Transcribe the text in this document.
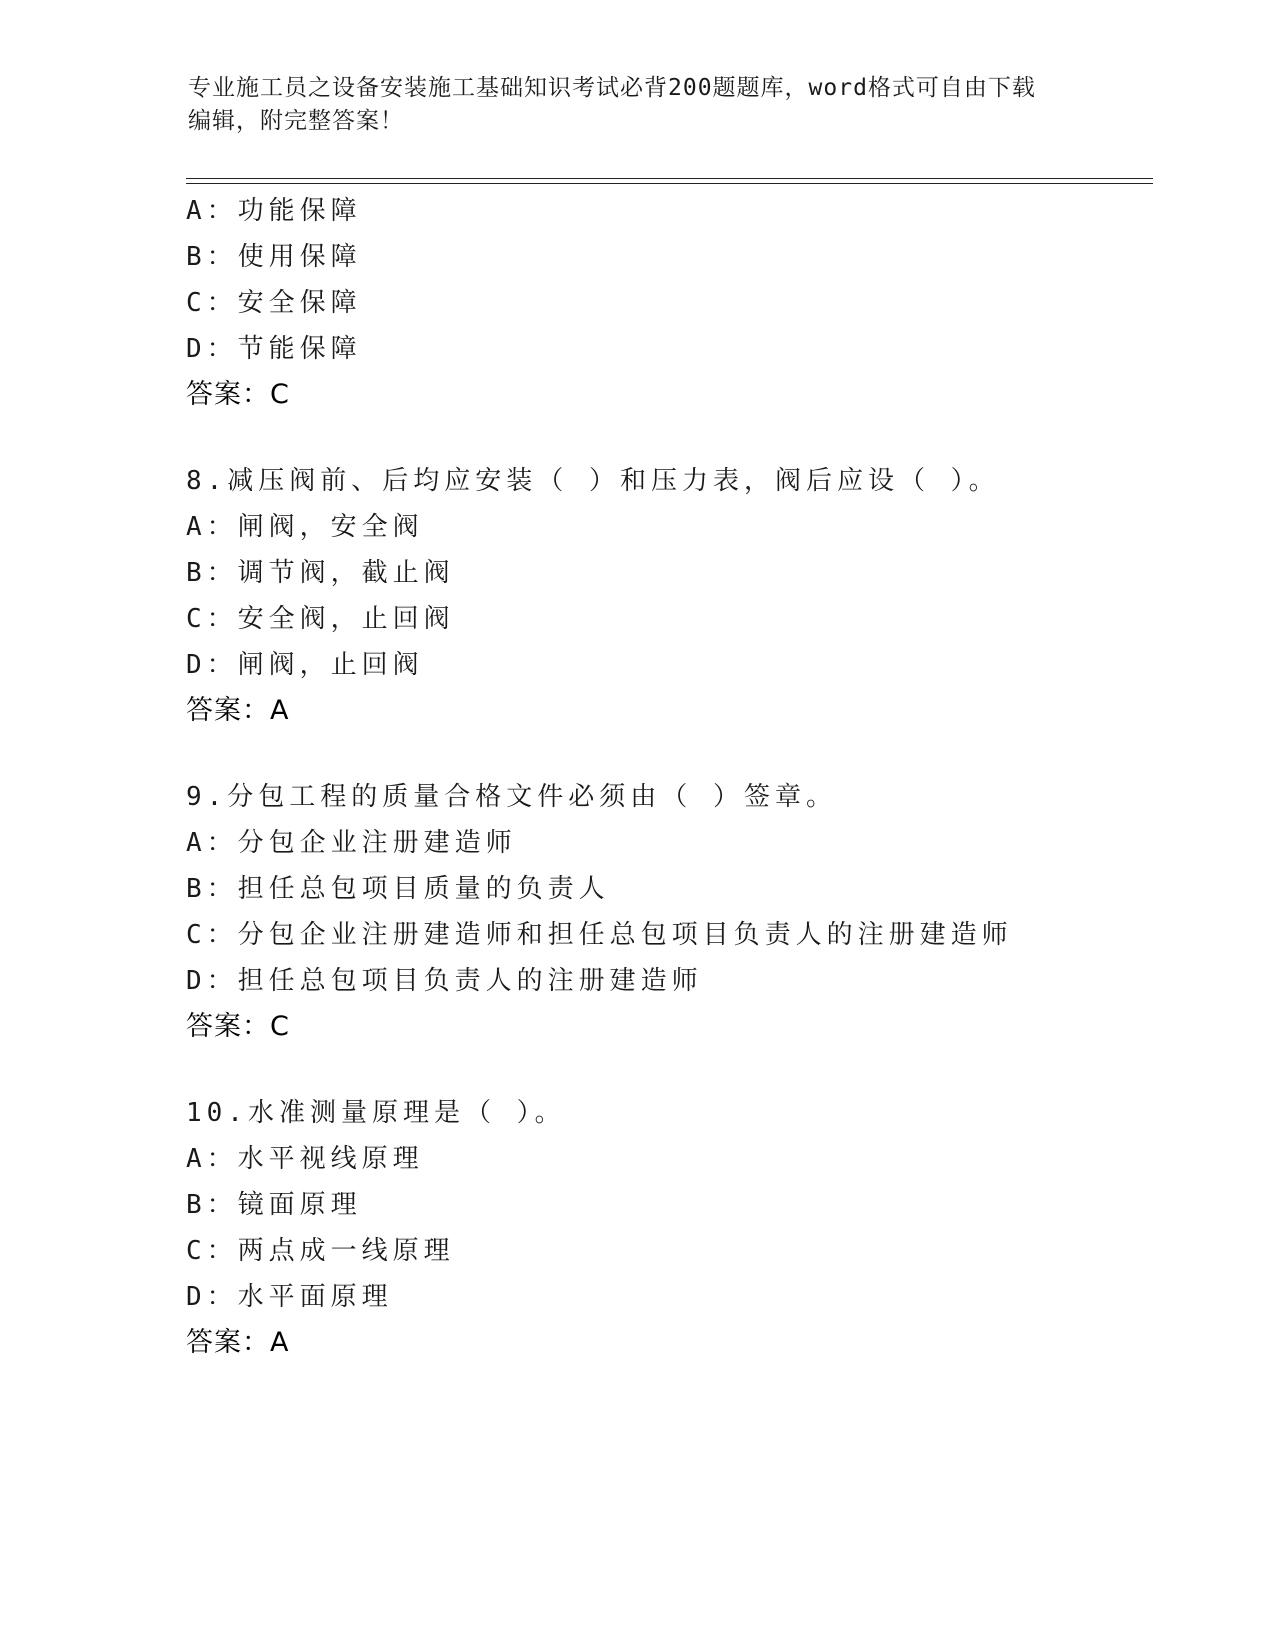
专业施工员之设备安装施工基础知识考试必背200题题库，word格式可自由下载
编辑，附完整答案！
A：功能保障
B：使用保障
C：安全保障
D：节能保障
答案：C
8.减压阀前、后均应安装（ ）和压力表，阀后应设（ ）。
A：闸阀，安全阀
B：调节阀，截止阀
C：安全阀，止回阀
D：闸阀，止回阀
答案：A
9.分包工程的质量合格文件必须由（ ）签章。
A：分包企业注册建造师
B：担任总包项目质量的负责人
C：分包企业注册建造师和担任总包项目负责人的注册建造师
D：担任总包项目负责人的注册建造师
答案：C
10.水准测量原理是（ ）。
A：水平视线原理
B：镜面原理
C：两点成一线原理
D：水平面原理
答案：A
